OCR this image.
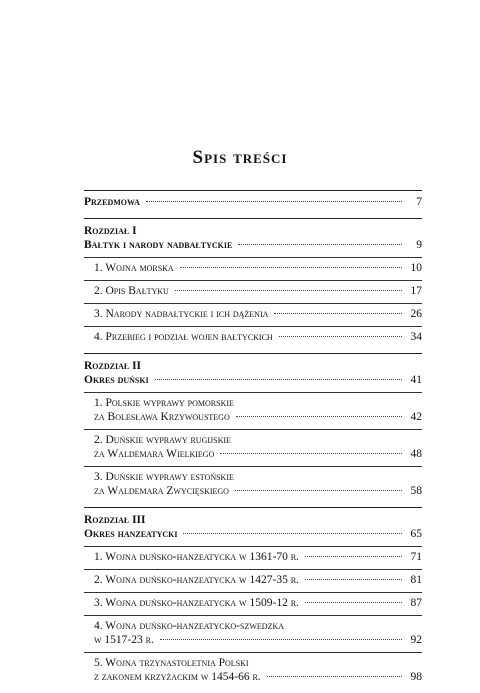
Spis treści
Przedmowa	7
Rozdział I
Bałtyk i narody nadbałtyckie	9
1. Wojna morska	10
2. Opis Bałtyku	17
3. Narody nadbałtyckie i ich dążenia	26
4. Przebieg i podział wojen bałtyckich	34
Rozdział II
Okres duński	41
1. Polskie wyprawy pomorskie
za Bolesława Krzywoustego	42
2. Duńskie wyprawy rugijskie
za Waldemara Wielkiego	48
3. Duńskie wyprawy estońskie
za Waldemara Zwycięskiego	58
Rozdział III
Okres hanzeatycki	65
1. Wojna duńsko-hanzeatycka w 1361-70 r.	71
2. Wojna duńsko-hanzeatycka w 1427-35 r.	81
3. Wojna duńsko-hanzeatycka w 1509-12 r.	87
4. Wojna duńsko-hanzeatycko-szwedzka
w 1517-23 r.	92
5. Wojna trzynastoletnia Polski
z zakonem krzyżackim w 1454-66 r.	98
